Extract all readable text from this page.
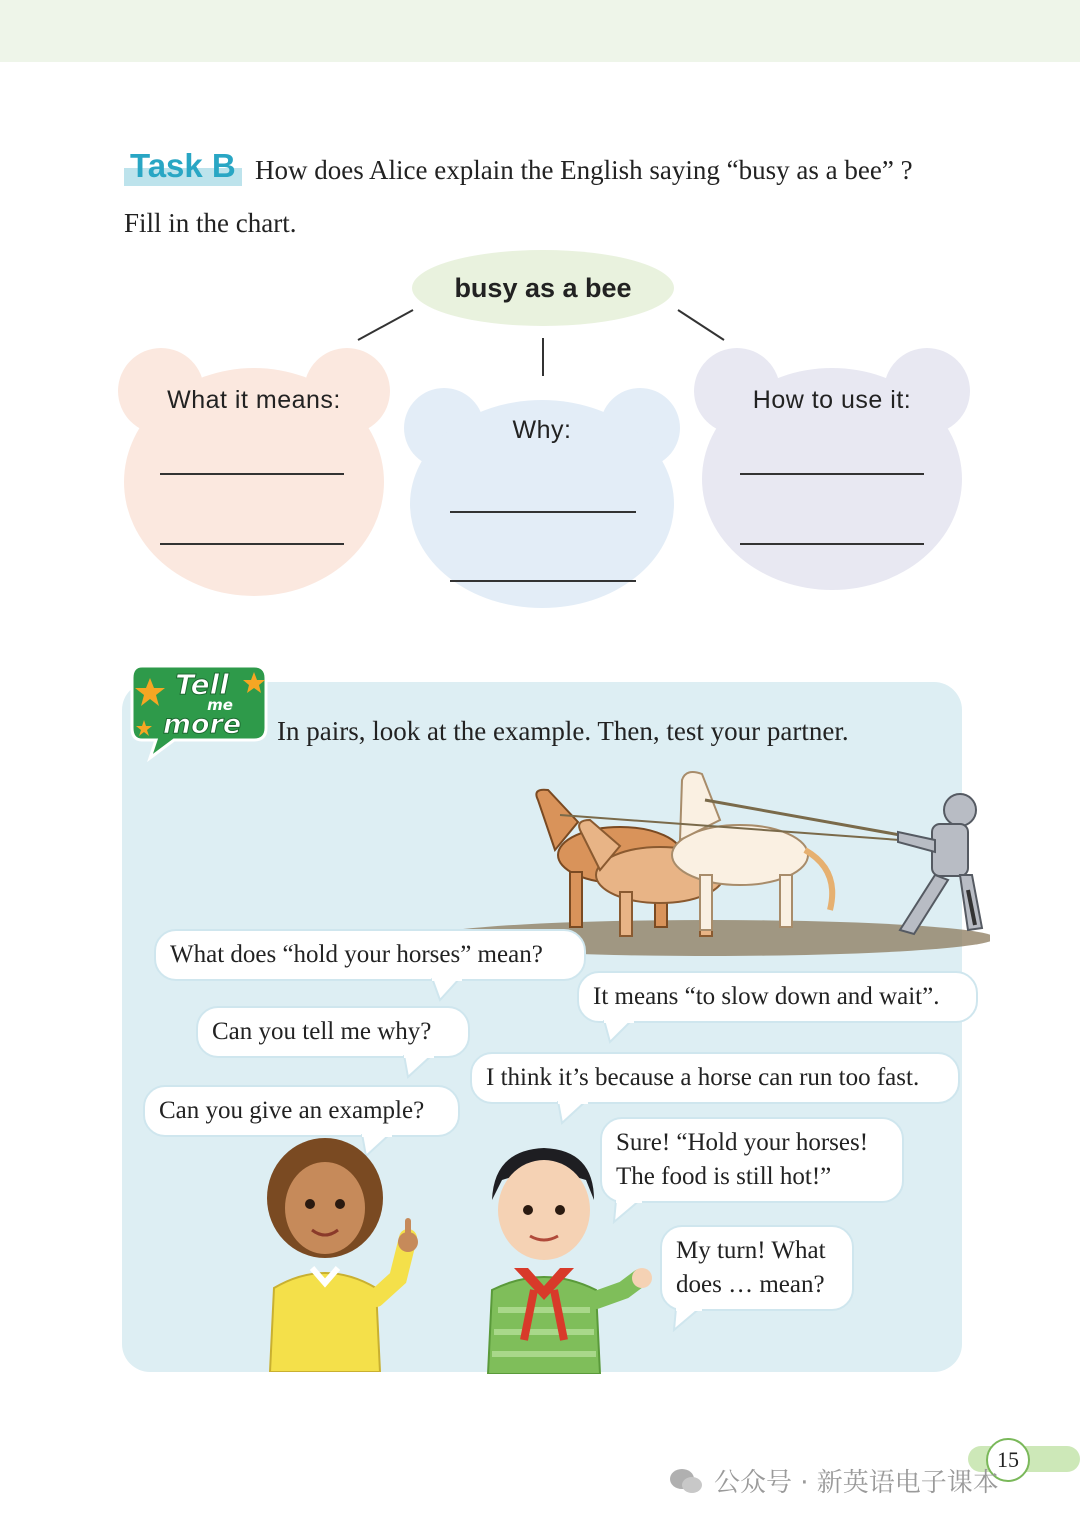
Task B How does Alice explain the English saying “busy as a bee” ?
Fill in the chart.
busy as a bee
What it means:
Why:
How to use it:
Tell
me
more In pairs, look at the example. Then, test your partner.
What does “hold your horses” mean?
It means “to slow down and wait”.
Can you tell me why?
I think it’s because a horse can run too fast.
Can you give an example?
Sure! “Hold your horses!
The food is still hot!”
My turn! What
does … mean?
15
公众号 · 新英语电子课本
